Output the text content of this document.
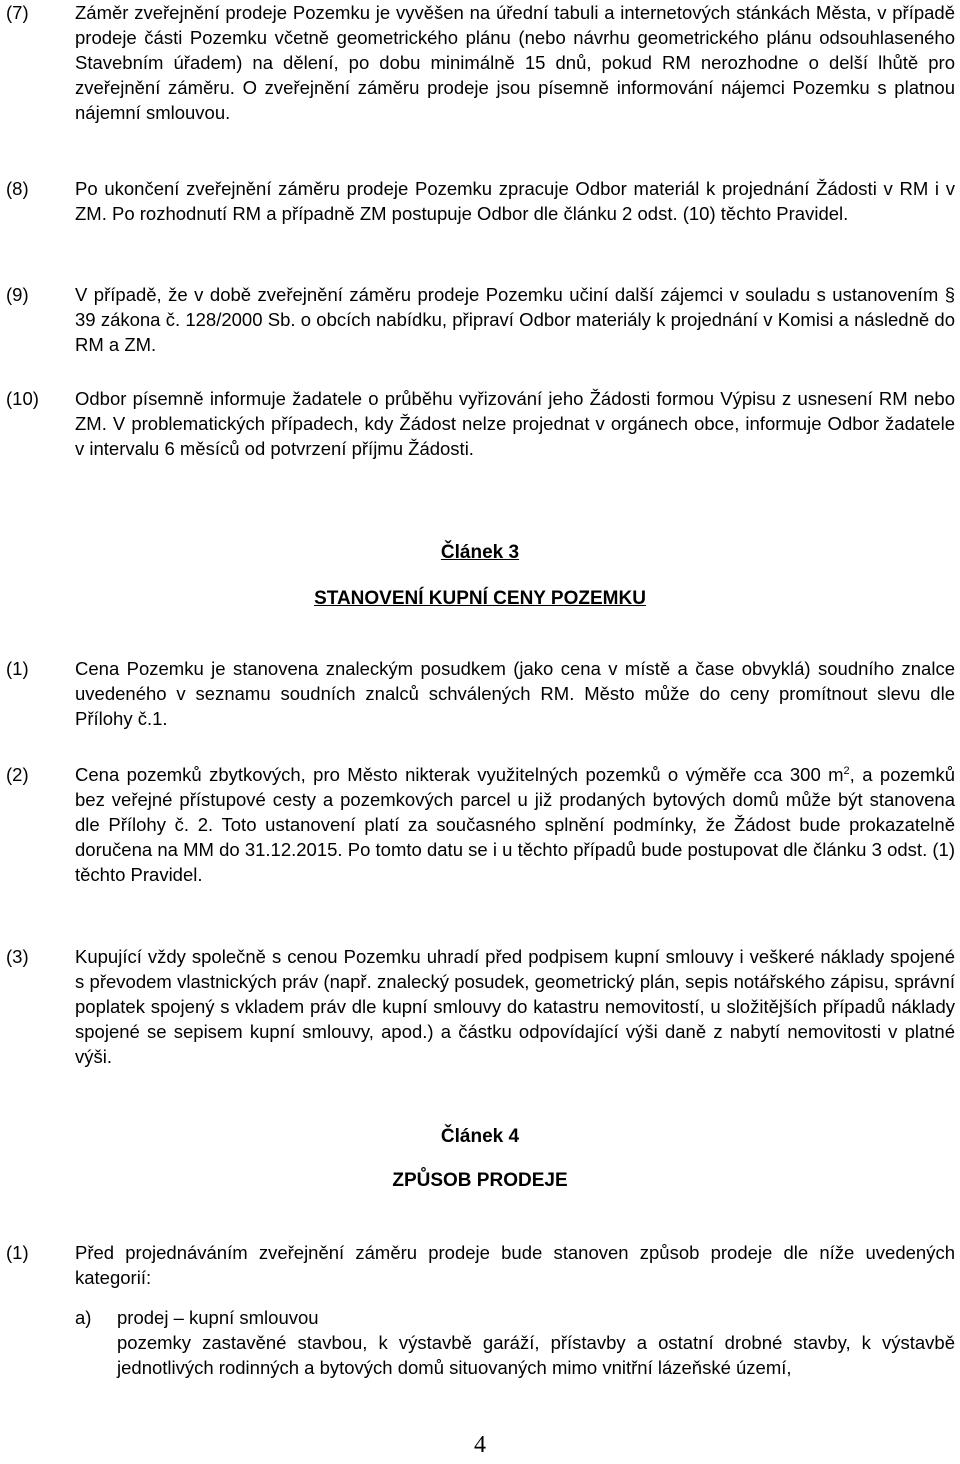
(7)	Záměr zveřejnění prodeje Pozemku je vyvěšen na úřední tabuli a internetových stánkách Města, v případě prodeje části Pozemku včetně geometrického plánu (nebo návrhu geometrického plánu odsouhlaseného Stavebním úřadem) na dělení, po dobu minimálně 15 dnů, pokud RM nerozhodne o delší lhůtě pro zveřejnění záměru. O zveřejnění záměru prodeje jsou písemně informování nájemci Pozemku s platnou nájemní smlouvou.

(8)	Po ukončení zveřejnění záměru prodeje Pozemku zpracuje Odbor materiál k projednání Žádosti v RM i v ZM. Po rozhodnutí RM a případně ZM postupuje Odbor dle článku 2 odst. (10) těchto Pravidel.

(9)	V případě, že v době zveřejnění záměru prodeje Pozemku učiní další zájemci v souladu s ustanovením § 39 zákona č. 128/2000 Sb. o obcích nabídku, připraví Odbor materiály k projednání v Komisi a následně do RM a ZM.

(10) Odbor písemně informuje žadatele o průběhu vyřizování jeho Žádosti formou Výpisu z usnesení RM nebo ZM. V problematických případech, kdy Žádost nelze projednat v orgánech obce, informuje Odbor žadatele v intervalu 6 měsíců od potvrzení příjmu Žádosti.

Článek 3
STANOVENÍ KUPNÍ CENY POZEMKU
(1)	Cena Pozemku je stanovena znaleckým posudkem (jako cena v místě a čase obvyklá) soudního znalce uvedeného v seznamu soudních znalců schválených RM. Město může do ceny promítnout slevu dle Přílohy č.1.

(2)	Cena pozemků zbytkových, pro Město nikterak využitelných pozemků o výměře cca 300 $m^2$, a pozemků bez veřejné přístupové cesty a pozemkových parcel u již prodaných bytových domů může být stanovena dle Přílohy č. 2. Toto ustanovení platí za současného splnění podmínky, že Žádost bude prokazatelně doručena na MM do 31.12.2015. Po tomto datu se i u těchto případů bude postupovat dle článku 3 odst. (1) těchto Pravidel.

(3)	Kupující vždy společně s cenou Pozemku uhradí před podpisem kupní smlouvy i veškeré náklady spojené s převodem vlastnických práv (např. znalecký posudek, geometrický plán, sepis notářského zápisu, správní poplatek spojený s vkladem práv dle kupní smlouvy do katastru nemovitostí, u složitějších případů náklady spojené se sepisem kupní smlouvy, apod.) a částku odpovídající výši daně z nabytí nemovitosti v platné výši.

Článek 4
ZPŮSOB PRODEJE
(1)	Před projednáváním zveřejnění záměru prodeje bude stanoven způsob prodeje dle níže uvedených kategorií:

a) prodej – kupní smlouvou
pozemky zastavěné stavbou, k výstavbě garáží, přístavby a ostatní drobné stavby, k výstavbě jednotlivých rodinných a bytových domů situovaných mimo vnitřní lázeňské území,
4
